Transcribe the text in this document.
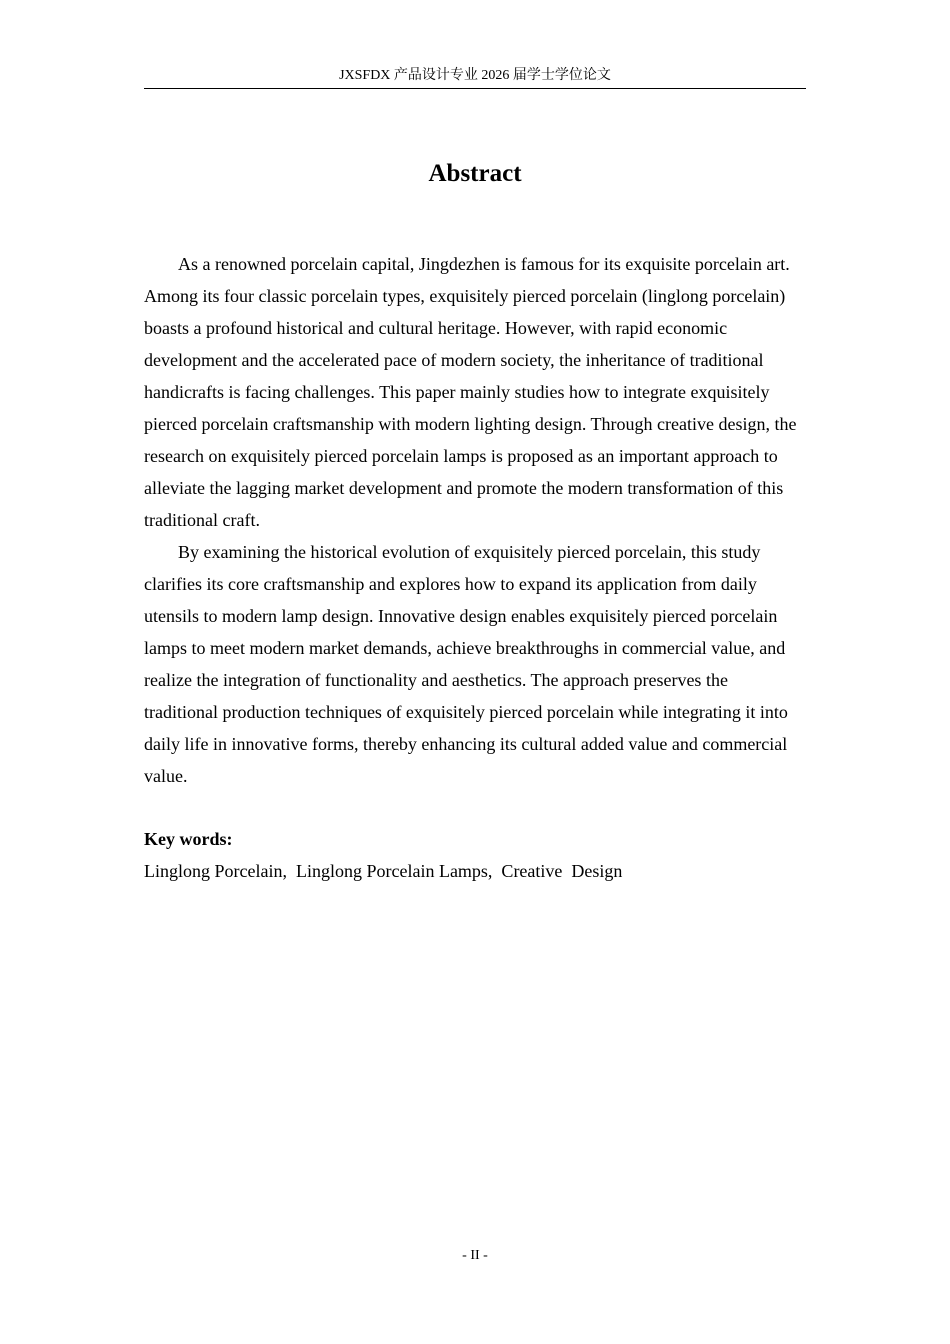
JXSFDX 产品设计专业 2026 届学士学位论文
Abstract

As a renowned porcelain capital, Jingdezhen is famous for its exquisite porcelain art. Among its four classic porcelain types, exquisitely pierced porcelain (linglong porcelain) boasts a profound historical and cultural heritage. However, with rapid economic development and the accelerated pace of modern society, the inheritance of traditional handicrafts is facing challenges. This paper mainly studies how to integrate exquisitely pierced porcelain craftsmanship with modern lighting design. Through creative design, the research on exquisitely pierced porcelain lamps is proposed as an important approach to alleviate the lagging market development and promote the modern transformation of this traditional craft.

By examining the historical evolution of exquisitely pierced porcelain, this study clarifies its core craftsmanship and explores how to expand its application from daily utensils to modern lamp design. Innovative design enables exquisitely pierced porcelain lamps to meet modern market demands, achieve breakthroughs in commercial value, and realize the integration of functionality and aesthetics. The approach preserves the traditional production techniques of exquisitely pierced porcelain while integrating it into daily life in innovative forms, thereby enhancing its cultural added value and commercial value.

Key words:
Linglong Porcelain,  Linglong Porcelain Lamps,  Creative  Design
- II -
